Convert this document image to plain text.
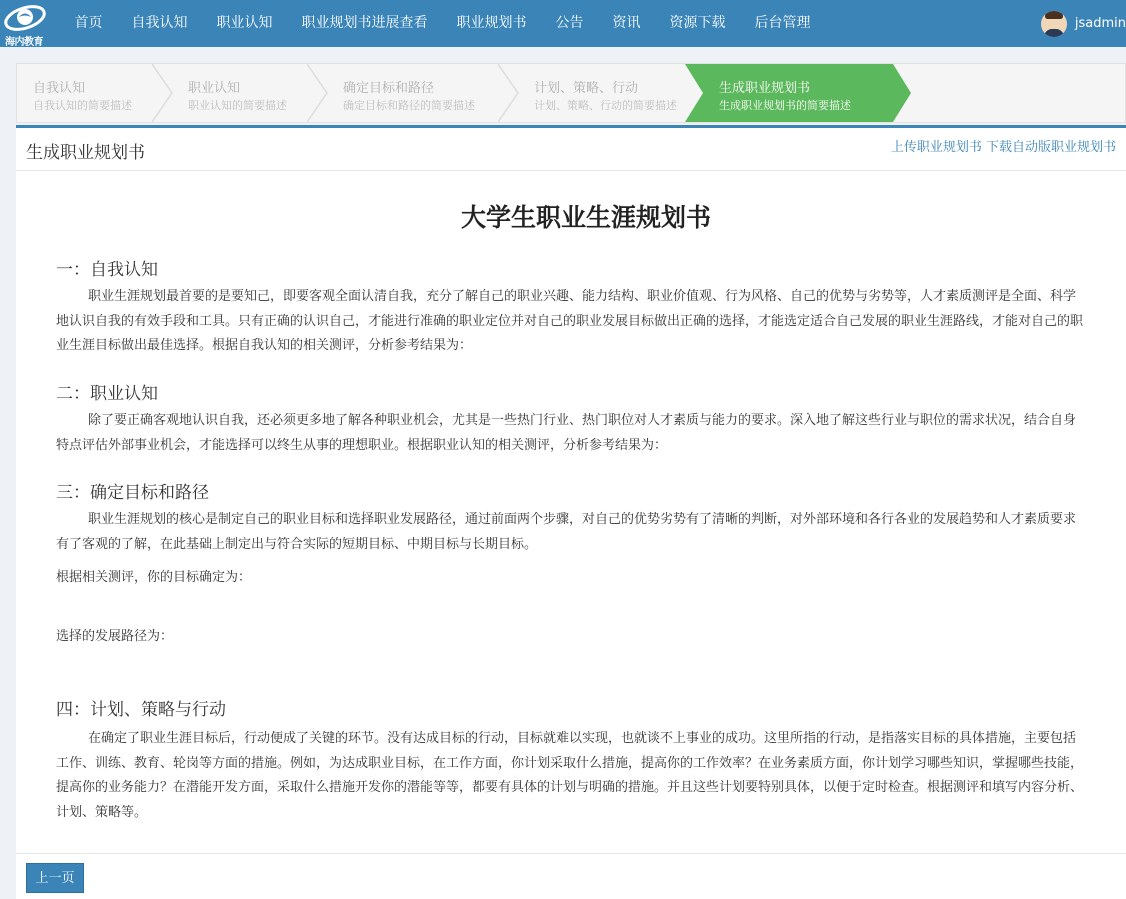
海内教育
首页	自我认知	职业认知	职业规划书进展查看	职业规划书	公告	资讯	资源下载	后台管理	jsadmin
自我认知
自我认知的简要描述
职业认知
职业认知的简要描述
确定目标和路径
确定目标和路径的简要描述
计划、策略、行动
计划、策略、行动的简要描述
生成职业规划书
生成职业规划书的简要描述
生成职业规划书	上传职业规划书 下载自动版职业规划书
大学生职业生涯规划书
一：自我认知
职业生涯规划最首要的是要知己，即要客观全面认清自我，充分了解自己的职业兴趣、能力结构、职业价值观、行为风格、自己的优势与劣势等，人才素质测评是全面、科学地认识自我的有效手段和工具。只有正确的认识自己，才能进行准确的职业定位并对自己的职业发展目标做出正确的选择，才能选定适合自己发展的职业生涯路线，才能对自己的职业生涯目标做出最佳选择。根据自我认知的相关测评，分析参考结果为：
二：职业认知
除了要正确客观地认识自我，还必须更多地了解各种职业机会，尤其是一些热门行业、热门职位对人才素质与能力的要求。深入地了解这些行业与职位的需求状况，结合自身特点评估外部事业机会，才能选择可以终生从事的理想职业。根据职业认知的相关测评，分析参考结果为：
三：确定目标和路径
职业生涯规划的核心是制定自己的职业目标和选择职业发展路径，通过前面两个步骤，对自己的优势劣势有了清晰的判断，对外部环境和各行各业的发展趋势和人才素质要求有了客观的了解，在此基础上制定出与符合实际的短期目标、中期目标与长期目标。
根据相关测评，你的目标确定为：
选择的发展路径为：
四：计划、策略与行动
在确定了职业生涯目标后，行动便成了关键的环节。没有达成目标的行动，目标就难以实现，也就谈不上事业的成功。这里所指的行动，是指落实目标的具体措施，主要包括工作、训练、教育、轮岗等方面的措施。例如，为达成职业目标，在工作方面，你计划采取什么措施，提高你的工作效率？在业务素质方面，你计划学习哪些知识，掌握哪些技能，提高你的业务能力？在潜能开发方面，采取什么措施开发你的潜能等等，都要有具体的计划与明确的措施。并且这些计划要特别具体，以便于定时检查。根据测评和填写内容分析、计划、策略等。
上一页
